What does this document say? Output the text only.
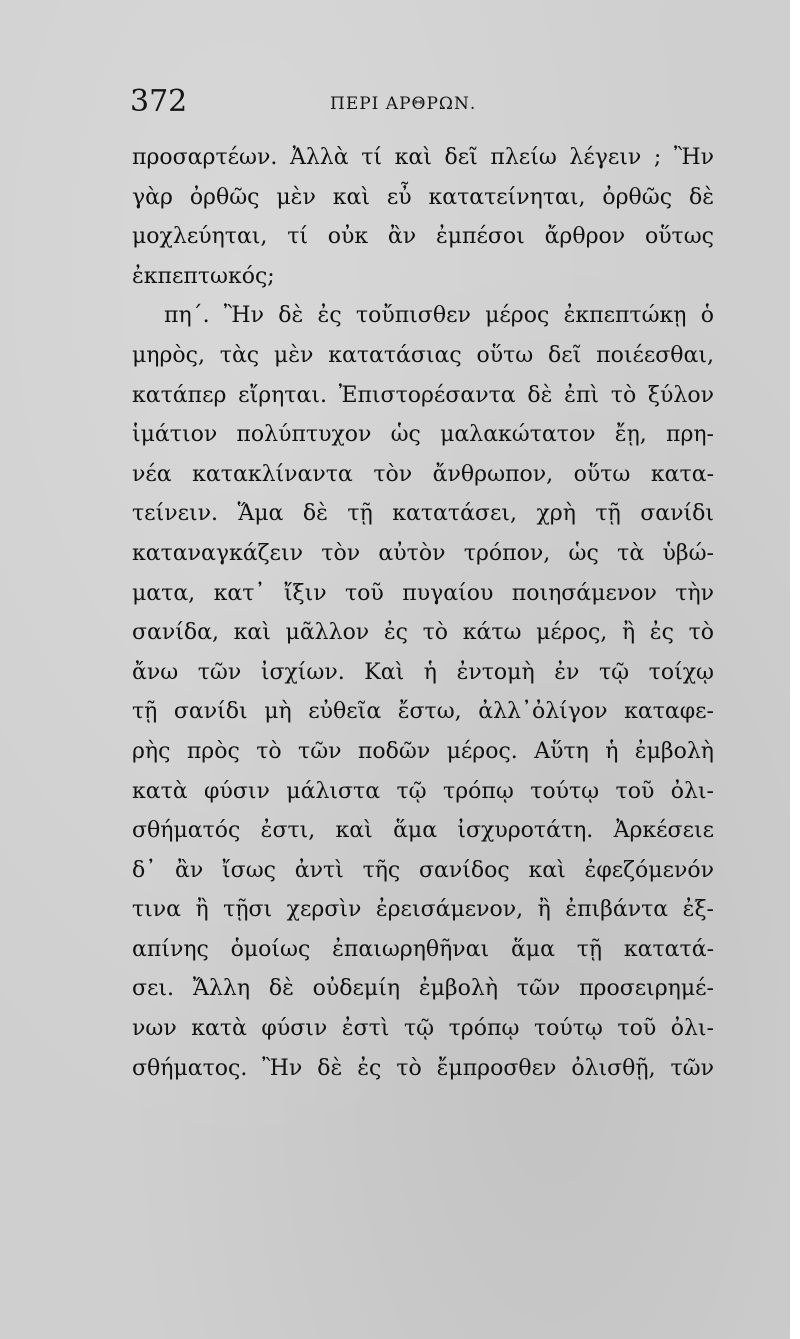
372	ΠΕΡΙ ΑΡΘΡΩΝ.
προσαρτέων. Ἀλλὰ τί καὶ δεῖ πλείω λέγειν ; Ἢν
γὰρ ὀρθῶς μὲν καὶ εὖ κατατείνηται, ὀρθῶς δὲ
μοχλεύηται, τί οὐκ ἂν ἐμπέσοι ἄρθρον οὕτως
ἐκπεπτωκός;
πη΄. Ἢν δὲ ἐς τοὔπισθεν μέρος ἐκπεπτώκῃ ὁ
μηρὸς, τὰς μὲν κατατάσιας οὕτω δεῖ ποιέεσθαι,
κατάπερ εἴρηται. Ἐπιστορέσαντα δὲ ἐπὶ τὸ ξύλον
ἱμάτιον πολύπτυχον ὡς μαλακώτατον ἔῃ, πρη-
νέα κατακλίναντα τὸν ἄνθρωπον, οὕτω κατα-
τείνειν. Ἅμα δὲ τῇ κατατάσει, χρὴ τῇ σανίδι
καταναγκάζειν τὸν αὐτὸν τρόπον, ὡς τὰ ὑβώ-
ματα, κατ᾽ ἴξιν τοῦ πυγαίου ποιησάμενον τὴν
σανίδα, καὶ μᾶλλον ἐς τὸ κάτω μέρος, ἢ ἐς τὸ
ἄνω τῶν ἰσχίων. Καὶ ἡ ἐντομὴ ἐν τῷ τοίχῳ
τῇ σανίδι μὴ εὐθεῖα ἔστω, ἀλλ᾽ὀλίγον καταφε-
ρὴς πρὸς τὸ τῶν ποδῶν μέρος. Αὕτη ἡ ἐμβολὴ
κατὰ φύσιν μάλιστα τῷ τρόπῳ τούτῳ τοῦ ὀλι-
σθήματός ἐστι, καὶ ἅμα ἰσχυροτάτη. Ἀρκέσειε
δ᾽ ἂν ἴσως ἀντὶ τῆς σανίδος καὶ ἐφεζόμενόν
τινα ἢ τῇσι χερσὶν ἐρεισάμενον, ἢ ἐπιβάντα ἐξ-
απίνης ὁμοίως ἐπαιωρηθῆναι ἅμα τῇ κατατά-
σει. Ἄλλη δὲ οὐδεμίη ἐμβολὴ τῶν προσειρημέ-
νων κατὰ φύσιν ἐστὶ τῷ τρόπῳ τούτῳ τοῦ ὀλι-
σθήματος. Ἢν δὲ ἐς τὸ ἔμπροσθεν ὀλισθῇ, τῶν
